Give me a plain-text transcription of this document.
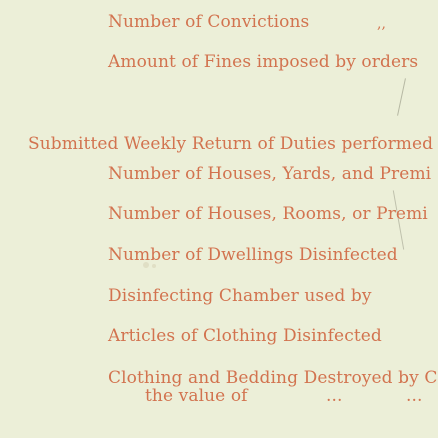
Number of Convictions	,,
Amount of Fines imposed by orders
Submitted Weekly Return of Duties performed
Number of Houses, Yards, and Premi
Number of Houses, Rooms, or Premi
Number of Dwellings Disinfected
Disinfecting Chamber used by
Articles of Clothing Disinfected
Clothing and Bedding Destroyed by C
the value of	...	...
